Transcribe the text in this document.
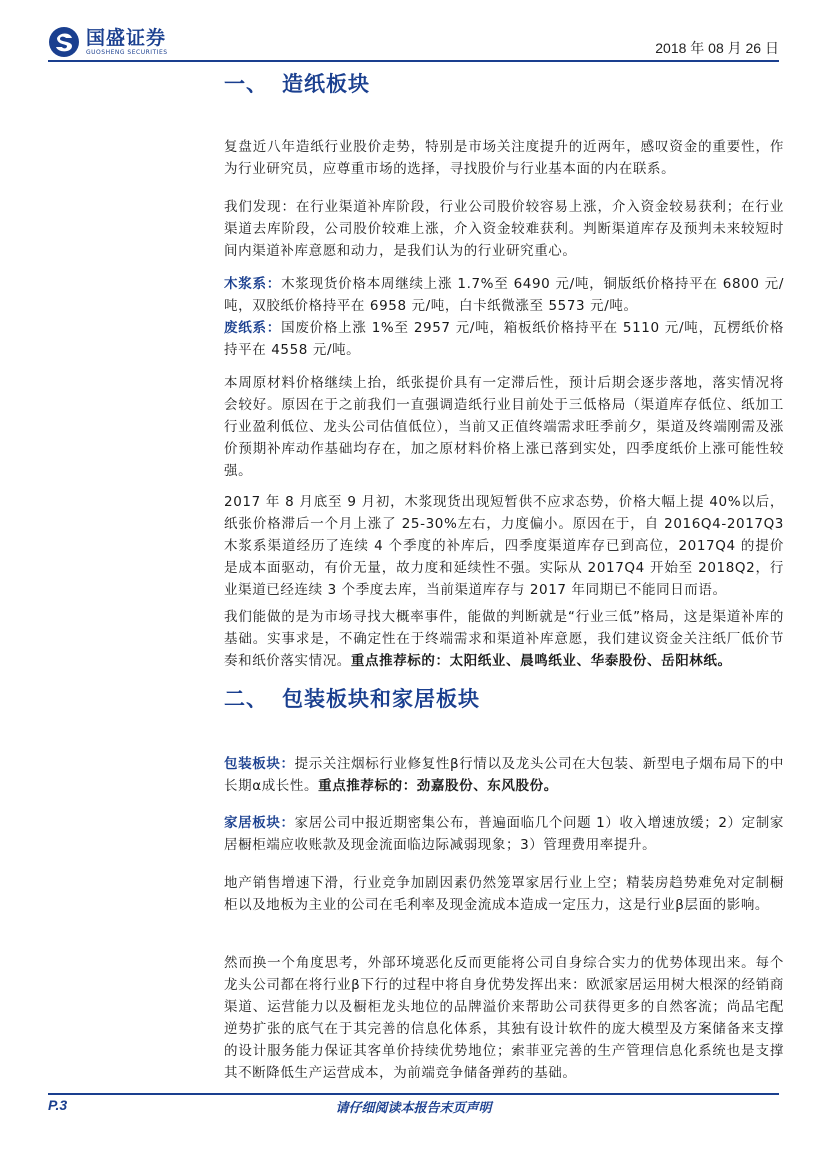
国盛证券
GUOSHENG SECURITIES	2018 年 08 月 26 日
一、 造纸板块

复盘近八年造纸行业股价走势，特别是市场关注度提升的近两年，感叹资金的重要性，作为行业研究员，应尊重市场的选择，寻找股价与行业基本面的内在联系。

我们发现：在行业渠道补库阶段，行业公司股价较容易上涨，介入资金较易获利；在行业渠道去库阶段，公司股价较难上涨，介入资金较难获利。判断渠道库存及预判未来较短时间内渠道补库意愿和动力，是我们认为的行业研究重心。

木浆系：木浆现货价格本周继续上涨 1.7%至 6490 元/吨，铜版纸价格持平在 6800 元/吨，双胶纸价格持平在 6958 元/吨，白卡纸微涨至 5573 元/吨。

废纸系：国废价格上涨 1%至 2957 元/吨，箱板纸价格持平在 5110 元/吨，瓦楞纸价格持平在 4558 元/吨。

本周原材料价格继续上抬，纸张提价具有一定滞后性，预计后期会逐步落地，落实情况将会较好。原因在于之前我们一直强调造纸行业目前处于三低格局（渠道库存低位、纸加工行业盈利低位、龙头公司估值低位），当前又正值终端需求旺季前夕，渠道及终端刚需及涨价预期补库动作基础均存在，加之原材料价格上涨已落到实处，四季度纸价上涨可能性较强。

2017 年 8 月底至 9 月初，木浆现货出现短暂供不应求态势，价格大幅上提 40%以后，纸张价格滞后一个月上涨了 25-30%左右，力度偏小。原因在于，自 2016Q4-2017Q3 木浆系渠道经历了连续 4 个季度的补库后，四季度渠道库存已到高位，2017Q4 的提价是成本面驱动，有价无量，故力度和延续性不强。实际从 2017Q4 开始至 2018Q2，行业渠道已经连续 3 个季度去库，当前渠道库存与 2017 年同期已不能同日而语。

我们能做的是为市场寻找大概率事件，能做的判断就是“行业三低”格局，这是渠道补库的基础。实事求是，不确定性在于终端需求和渠道补库意愿，我们建议资金关注纸厂低价节奏和纸价落实情况。重点推荐标的：太阳纸业、晨鸣纸业、华泰股份、岳阳林纸。

二、 包装板块和家居板块

包装板块：提示关注烟标行业修复性β行情以及龙头公司在大包装、新型电子烟布局下的中长期α成长性。重点推荐标的：劲嘉股份、东风股份。

家居板块：家居公司中报近期密集公布，普遍面临几个问题 1）收入增速放缓；2）定制家居橱柜端应收账款及现金流面临边际减弱现象；3）管理费用率提升。

地产销售增速下滑，行业竞争加剧因素仍然笼罩家居行业上空；精装房趋势难免对定制橱柜以及地板为主业的公司在毛利率及现金流成本造成一定压力，这是行业β层面的影响。

然而换一个角度思考，外部环境恶化反而更能将公司自身综合实力的优势体现出来。每个龙头公司都在将行业β下行的过程中将自身优势发挥出来：欧派家居运用树大根深的经销商渠道、运营能力以及橱柜龙头地位的品牌溢价来帮助公司获得更多的自然客流；尚品宅配逆势扩张的底气在于其完善的信息化体系，其独有设计软件的庞大模型及方案储备来支撑的设计服务能力保证其客单价持续优势地位；索菲亚完善的生产管理信息化系统也是支撑其不断降低生产运营成本，为前端竞争储备弹药的基础。

P.3	请仔细阅读本报告末页声明
